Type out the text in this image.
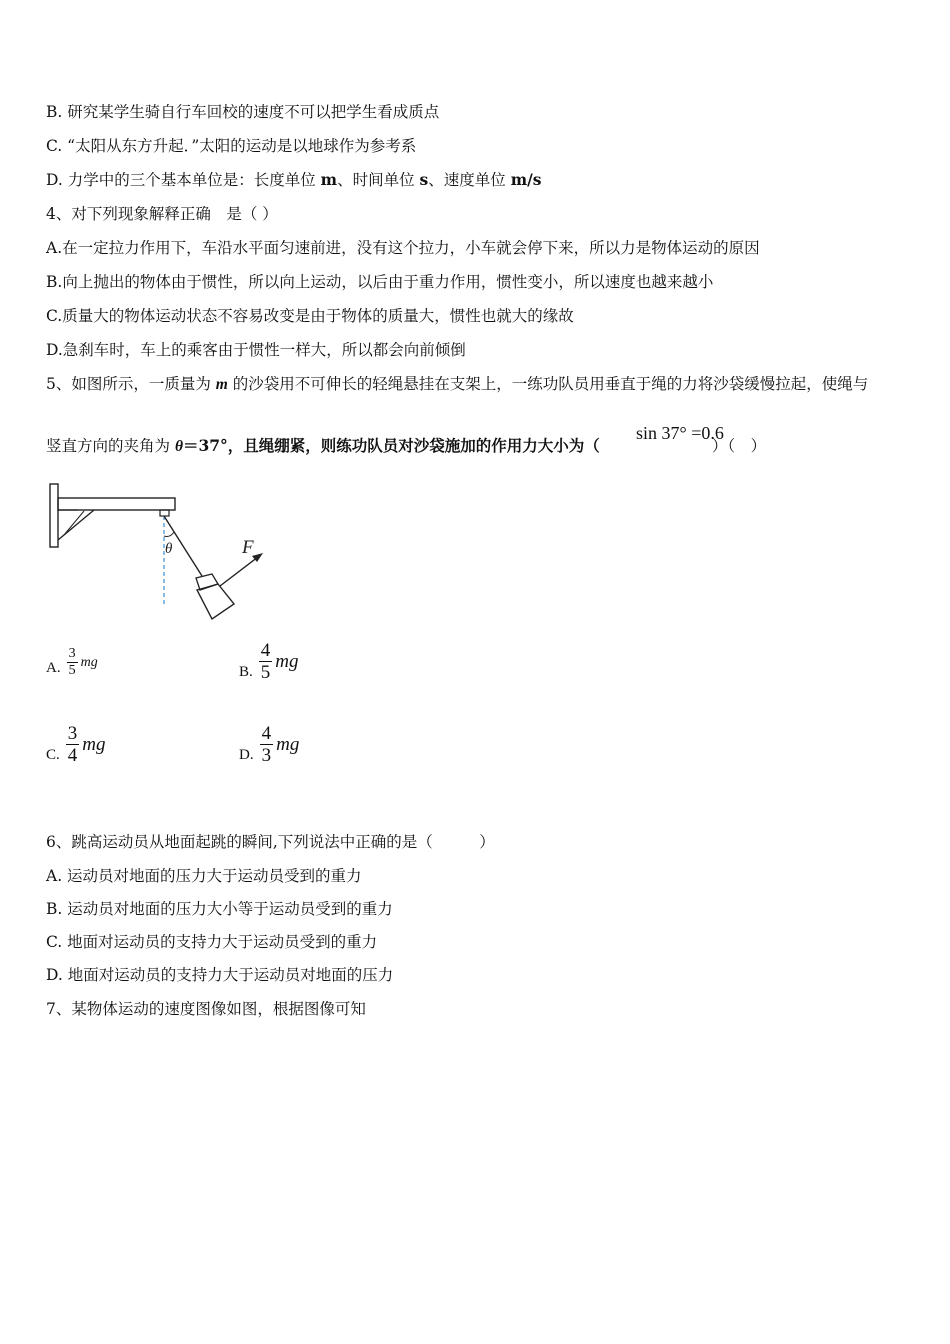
B. 研究某学生骑自行车回校的速度不可以把学生看成质点
C. “太阳从东方升起．”太阳的运动是以地球作为参考系
D. 力学中的三个基本单位是：长度单位 m、时间单位 s、速度单位 m/s
4、对下列现象解释正确　是（ ）
A.在一定拉力作用下，车沿水平面匀速前进，没有这个拉力，小车就会停下来，所以力是物体运动的原因
B.向上抛出的物体由于惯性，所以向上运动，以后由于重力作用，惯性变小，所以速度也越来越小
C.质量大的物体运动状态不容易改变是由于物体的质量大，惯性也就大的缘故
D.急刹车时，车上的乘客由于惯性一样大，所以都会向前倾倒
5、如图所示，一质量为 m 的沙袋用不可伸长的轻绳悬挂在支架上，一练功队员用垂直于绳的力将沙袋缓慢拉起，使绳与
竖直方向的夹角为 θ＝37°，且绳绷紧，则练功队员对沙袋施加的作用力大小为（	）（　）
sin 37° =0.6
θ	F
A. $\frac{3}{5}$ mg
B. $\frac{4}{5}$ mg
C. $\frac{3}{4}$ mg
D. $\frac{4}{3}$ mg
6、跳高运动员从地面起跳的瞬间,下列说法中正确的是（　　　）
A. 运动员对地面的压力大于运动员受到的重力
B. 运动员对地面的压力大小等于运动员受到的重力
C. 地面对运动员的支持力大于运动员受到的重力
D. 地面对运动员的支持力大于运动员对地面的压力
7、某物体运动的速度图像如图，根据图像可知
